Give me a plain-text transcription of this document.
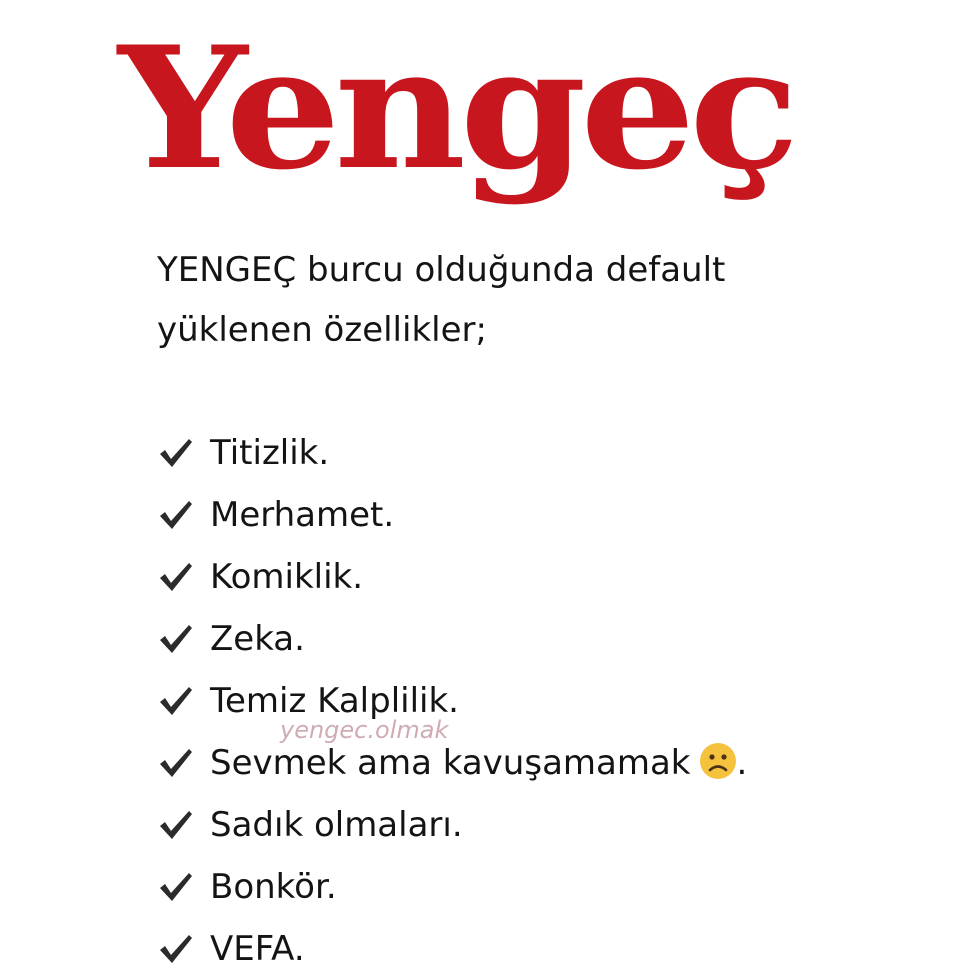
Yengeç
YENGEÇ burcu olduğunda default
yüklenen özellikler;
Titizlik.
Merhamet.
Komiklik.
Zeka.
Temiz Kalplilik.
Sevmek ama kavuşamamak .
Sadık olmaları.
Bonkör.
VEFA.
yengec.olmak
